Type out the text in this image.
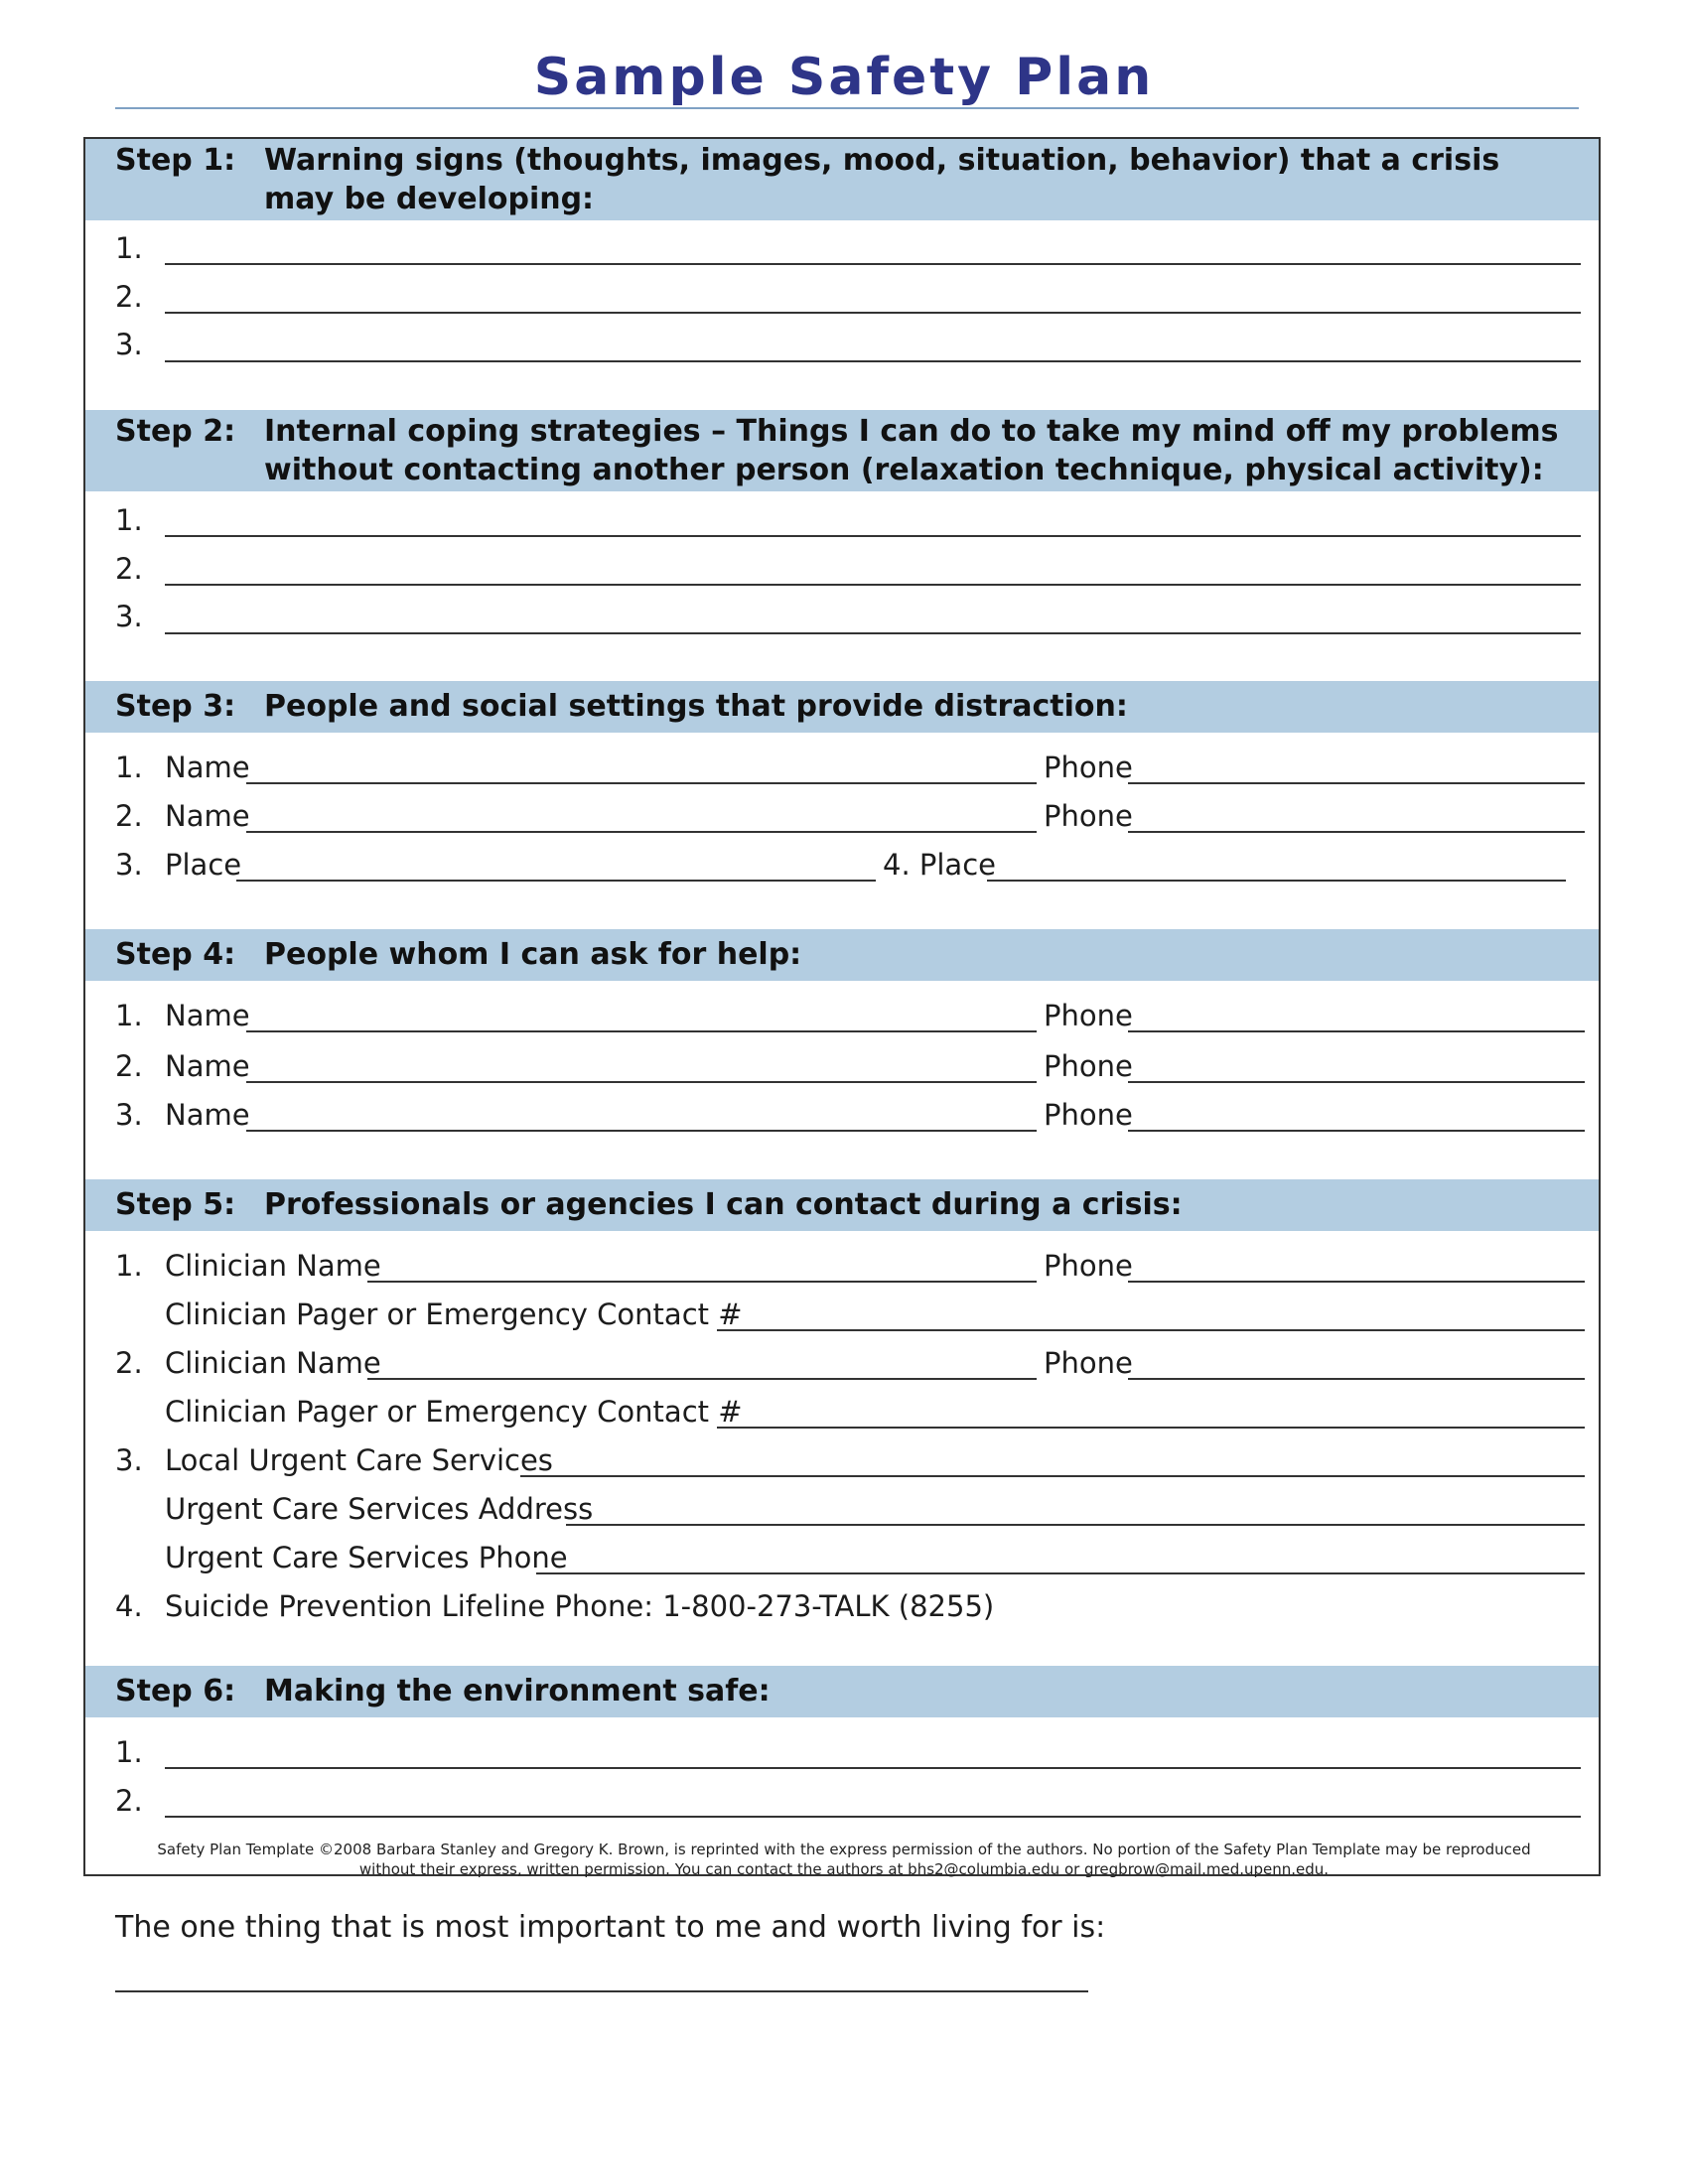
Sample Safety Plan
Step 1: Warning signs (thoughts, images, mood, situation, behavior) that a crisis may be developing:
1.
2.
3.
Step 2: Internal coping strategies – Things I can do to take my mind off my problems without contacting another person (relaxation technique, physical activity):
1.
2.
3.
Step 3: People and social settings that provide distraction:
1. Name	Phone
2. Name	Phone
3. Place	4. Place
Step 4: People whom I can ask for help:
1. Name	Phone
2. Name	Phone
3. Name	Phone
Step 5: Professionals or agencies I can contact during a crisis:
1. Clinician Name	Phone
Clinician Pager or Emergency Contact #
2. Clinician Name	Phone
Clinician Pager or Emergency Contact #
3. Local Urgent Care Services
Urgent Care Services Address
Urgent Care Services Phone
4. Suicide Prevention Lifeline Phone: 1-800-273-TALK (8255)
Step 6: Making the environment safe:
1.
2.
Safety Plan Template ©2008 Barbara Stanley and Gregory K. Brown, is reprinted with the express permission of the authors. No portion of the Safety Plan Template may be reproduced
without their express, written permission. You can contact the authors at bhs2@columbia.edu or gregbrow@mail.med.upenn.edu.
The one thing that is most important to me and worth living for is:
